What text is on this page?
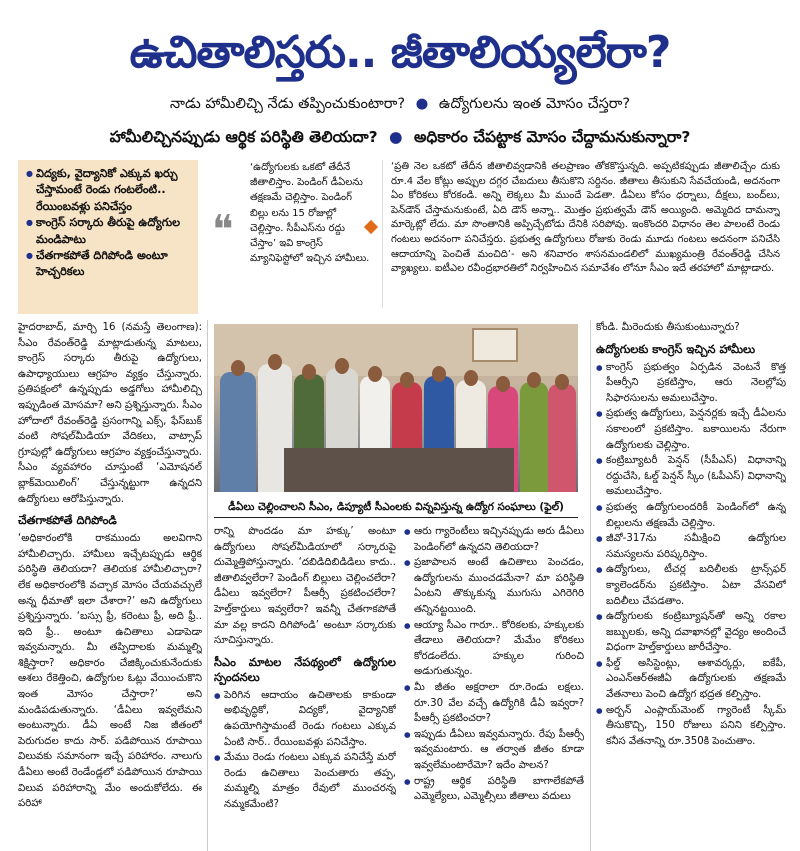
ఉచితాలిస్తరు.. జీతాలియ్యలేరా?
నాడు హామీలిచ్చి నేడు తప్పించుకుంటారా? ● ఉద్యోగులను ఇంత మోసం చేస్తరా?
హామీలిచ్చినప్పుడు ఆర్థిక పరిస్థితి తెలియదా? ● అధికారం చేపట్టాక మోసం చేద్దామనుకున్నారా?
● విద్యకు, వైద్యానికో ఎక్కువ ఖర్చు చేస్తామంటే రెండు గంటలేంటి.. రేయింబవళ్లు పనిచేస్తం
● కాంగ్రెస్ సర్కారు తీరుపై ఉద్యోగుల మండిపాటు
● చేతగాకపోతే దిగిపోండి అంటూ హెచ్చరికలు
❝
‘ఉద్యోగులకు ఒకటో తేదీనే జీతాలిస్తాం. పెండింగ్ డీఏలను తక్షణమే చెల్లిస్తాం. పెండింగ్ బిల్లు లను 15 రోజుల్లో చెల్లిస్తాం. సీపీఎస్‌ను రద్దు చేస్తాం’ ఇవి కాంగ్రెస్ మ్యానిఫెస్టోలో ఇచ్చిన హామీలు.
‘ప్రతి నెల ఒకటో తేదీన జీతాలివ్వడానికి తలప్రాణం తోకకొస్తున్నది. అప్పటికప్పుడు జీతాలిచ్చేం దుకు రూ.4 వేల కోట్లు అప్పుల దగ్గర చేబదులు తీసుకొని సర్దినం. జీతాలు తీసుకుని సేవచేయండి, అదనంగా ఏం కోరికలు కోరకండి. అన్ని లెక్కలు మీ ముందే పెడతా. డీఏలు కోసం ధర్నాలు, దీక్షలు, బంద్‌లు, పెన్‌డౌన్ చేస్తామనుకుంటే, ఏది డౌన్ అన్నా.. మొత్తం ప్రభుత్వమే డౌన్ అయ్యింది. అమ్మెదిద దామన్నా మార్కెట్లో లేదు. మా సొంతానికి అప్పిచ్చేటోడు దేనికి సరిపోవు. ఇంకొందరి విధానం తెల పాలంటే రెండు గంటలు అదనంగా పనిచేస్తరు. ప్రభుత్వ ఉద్యోగులు రోజుకు రెండు మూడు గంటలు అదనంగా పనిచేసి ఆదాయాన్ని పెంచితే మంచిది’- అని శనివారం శాసనమండలిలో ముఖ్యమంత్రి రేవంత్‌రెడ్డి చేసిన వ్యాఖ్యలు. ఐటీఎల రవీంద్రభారతిలో నిర్వహించిన సమావేశం లోనూ సీఎం ఇదే తరహాలో మాట్లాడారు.
డీఏలు చెల్లించాలని సీఎం, డిప్యూటీ సీఎంలకు విన్నవిస్తున్న ఉద్యోగ సంఘాలు (ఫైల్)

హైదరాబాద్, మార్చి 16 (నమస్తే తెలంగాణ): సీఎం రేవంత్‌రెడ్డి మాట్లాడుతున్న మాటలు, కాంగ్రెస్ సర్కారు తీరుపై ఉద్యోగులు, ఉపాధ్యాయులు ఆగ్రహం వ్యక్తం చేస్తున్నారు. ప్రతిపక్షంలో ఉన్నప్పుడు అడ్డగోలు హామీలిచ్చి ఇప్పుడింత మోసమా? అని ప్రశ్నిస్తున్నారు. సీఎం హోదాలో రేవంత్‌రెడ్డి ప్రసంగాన్ని ఎక్స్, ఫేస్‌బుక్ వంటి సోషల్‌మీడియా వేదికలు, వాట్సాప్ గ్రూపుల్లో ఉద్యోగులు ఆగ్రహం వ్యక్తంచేస్తున్నారు. సీఎం వ్యవహారం చూస్తుంటే ‘ఎమోషనల్ బ్లాక్‌మెయిలింగ్’ చేస్తున్నట్టుగా ఉన్నదని ఉద్యోగులు ఆరోపిస్తున్నారు.

చేతగాకపోతే దిగిపోండి

‘అధికారంలోకి రాకముందు అలవిగాని హామీలిచ్చారు. హామీలు ఇచ్చేటప్పుడు ఆర్థిక పరిస్థితి తెలియదా? తెలియక హామీలిచ్చారా? లేక అధికారంలోకి వచ్చాక మోసం చేయవచ్చులే అన్న ధీమాతో ఇలా చేశారా?’ అని ఉద్యోగులు ప్రశ్నిస్తున్నారు. ‘బస్సు ఫ్రీ, కరెంటు ఫ్రీ, అది ఫ్రీ.. ఇది ఫ్రీ.. అంటూ ఉచితాలు ఎడాపెడా ఇవ్వమన్నారు. మీ తప్పిదాలకు మమ్మల్ని శిక్షిస్తారా? అధికారం చేజిక్కించుకునేందుకు ఆశలు రేకెత్తించి, ఉద్యోగుల ఓట్లు వేయించుకొని ఇంత మోసం చేస్తారా?’ అని మండిపడుతున్నారు. ‘డీఏలు ఇవ్వలేమని అంటున్నారు. డీఏ అంటే నిజ జీతంలో పెరుగుదల కాదు సార్. పడిపోయిన రూపాయి విలువకు సమానంగా ఇచ్చే పరిహారం. నాలుగు డీఏలు అంటే రెండేండ్లలో పడిపోయిన రూపాయి విలువ పరిహారాన్ని మేం అందుకోలేదు. ఈ పరిహా

రాన్ని పొందడం మా హక్కు’ అంటూ ఉద్యోగులు సోషల్‌మీడియాలో సర్కారుపై దుమ్మెత్తిపోస్తున్నారు. ‘దబిడిదిబిడిడిలు కాదు.. జీతాలివ్వలేరా? పెండింగ్ బిల్లులు చెల్లించలేరా? డీఏలు ఇవ్వలేరా? పీఆర్సీ ప్రకటించలేరా? హెల్త్‌కార్డులు ఇవ్వలేరా? ఇవన్నీ చేతగాకపోతే మా వల్ల కాదని దిగిపోండి’ అంటూ సర్కారుకు సూచిస్తున్నారు.

సీఎం మాటల నేపథ్యంలో ఉద్యోగుల స్పందనలు
● పెరిగిన ఆదాయం ఉచితాలకు కాకుండా అభివృద్ధికో, విద్యకో, వైద్యానికో ఉపయోగిస్తామంటే రెండు గంటలు ఎక్కువ ఏంటి సార్.. రేయింబవళ్లు పనిచేస్తాం.
● మేము రెండు గంటలు ఎక్కువ పనిచేస్తే మరో రెండు ఉచితాలు పెంచుతారు తప్ప, మమ్మల్ని మాత్రం రేవులో ముంచరన్న నమ్మకమేంటి?
● ఆరు గ్యారెంటీలు ఇచ్చినప్పుడు అరు డీఏలు పెండింగ్‌లో ఉన్నదని తెలియదా?
● ప్రజాపాలన అంటే ఉచితాలు పెంచడం, ఉద్యోగులను ముంచడమేనా? మా పరిస్థితి ఏంటని తొక్కుకున్న ముగుసు ఎగిరెగిరి తన్నినట్టయింది.
● ఆయ్యా సీఎం గారూ.. కోరికలకు, హక్కులకు తేడాలు తెలియదా? మేమేం కోరికలు కోరడంలేదు. హక్కుల గురించి అడుగుతున్నం.
● మీ జీతం అక్షరాలా రూ.రెండు లక్షలు. రూ.30 వేల వచ్చే ఉద్యోగికి డీఏ ఇవ్వరా? పీఆర్సీ ప్రకటించరా?
● ఇప్పుడు డీఏలు ఇవ్వమన్నారు. రేపు పీఆర్సీ ఇవ్వమంటారు. ఆ తర్వాత జీతం కూడా ఇవ్వలేమంటారేమో? ఇదేం పాలన?
● రాష్ట్ర ఆర్థిక పరిస్థితి బాగాలేకపోతే ఎమ్మెల్యేలు, ఎమ్మెల్సీలు జీతాలు వదులు

కోండి. మీరెందుకు తీసుకుంటున్నారు?

ఉద్యోగులకు కాంగ్రెస్ ఇచ్చిన హామీలు
● కాంగ్రెస్ ప్రభుత్వం ఏర్పడిన వెంటనే కొత్త పీఆర్సీని ప్రకటిస్తాం, ఆరు నెలల్లోపు సిఫారసులను అమలుచేస్తాం.
● ప్రభుత్వ ఉద్యోగులు, పెన్షనర్లకు ఇచ్చే డీఏలను సకాలంలో ప్రకటిస్తాం. బకాయిలను నేరుగా ఉద్యోగులకు చెల్లిస్తాం.
● కంట్రిబ్యూటరీ పెన్షన్ (సీపీఎస్) విధానాన్ని రద్దుచేసి, ఓల్డ్ పెన్షన్ స్కీం (ఓపీఎస్) విధానాన్ని అమలుచేస్తాం.
● ప్రభుత్వ ఉద్యోగులందరికీ పెండింగ్‌లో ఉన్న బిల్లులను తక్షణమే చెల్లిస్తాం.
● జీవో-317ను సమీక్షించి ఉద్యోగుల సమస్యలను పరిష్కరిస్తాం.
● ఉద్యోగులు, టీచర్ల బదిలీలకు ట్రాన్స్‌ఫర్ క్యాలెండర్‌ను ప్రకటిస్తాం. ఏటా వేసవిలో బదిలీలు చేపడతాం.
● ఉద్యోగులకు కంట్రిబ్యూషన్‌తో అన్ని రకాల జబ్బులకు, అన్ని దవాఖానల్లో వైద్యం అందించే విధంగా హెల్త్‌కార్డులు జారీచేస్తాం.
● ఫీల్డ్ అసిస్టెంట్లు, ఆశావర్కర్లు, ఐకేపీ, ఎంఎన్ఆర్ఈజీఏ ఉద్యోగులకు తక్షణమే వేతనాలు పెంచి ఉద్యోగ భద్రత కల్పిస్తాం.
● అర్బన్ ఎంప్లాయ్‌మెంట్ గ్యారెంటీ స్కీమ్ తీసుకొచ్చి, 150 రోజులు పనిని కల్పిస్తాం. కనీస వేతనాన్ని రూ.350కి పెంచుతాం.
